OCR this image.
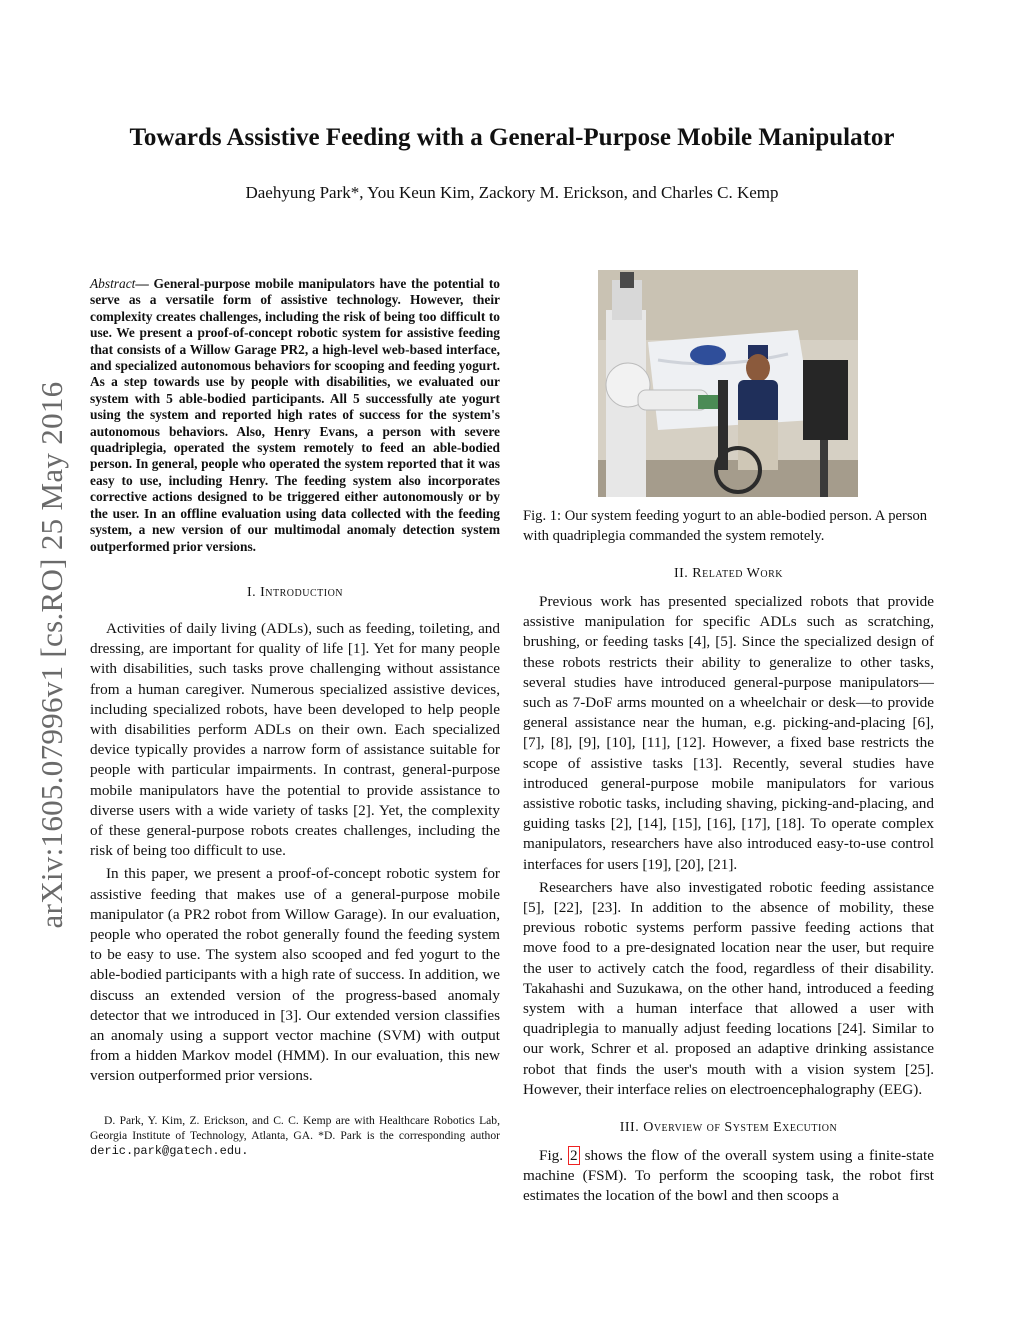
arXiv:1605.07996v1 [cs.RO] 25 May 2016
Towards Assistive Feeding with a General-Purpose Mobile Manipulator
Daehyung Park*, You Keun Kim, Zackory M. Erickson, and Charles C. Kemp

Abstract— General-purpose mobile manipulators have the potential to serve as a versatile form of assistive technology. However, their complexity creates challenges, including the risk of being too difficult to use. We present a proof-of-concept robotic system for assistive feeding that consists of a Willow Garage PR2, a high-level web-based interface, and specialized autonomous behaviors for scooping and feeding yogurt. As a step towards use by people with disabilities, we evaluated our system with 5 able-bodied participants. All 5 successfully ate yogurt using the system and reported high rates of success for the system's autonomous behaviors. Also, Henry Evans, a person with severe quadriplegia, operated the system remotely to feed an able-bodied person. In general, people who operated the system reported that it was easy to use, including Henry. The feeding system also incorporates corrective actions designed to be triggered either autonomously or by the user. In an offline evaluation using data collected with the feeding system, a new version of our multimodal anomaly detection system outperformed prior versions.

I. Introduction

Activities of daily living (ADLs), such as feeding, toileting, and dressing, are important for quality of life [1]. Yet for many people with disabilities, such tasks prove challenging without assistance from a human caregiver. Numerous specialized assistive devices, including specialized robots, have been developed to help people with disabilities perform ADLs on their own. Each specialized device typically provides a narrow form of assistance suitable for people with particular impairments. In contrast, general-purpose mobile manipulators have the potential to provide assistance to diverse users with a wide variety of tasks [2]. Yet, the complexity of these general-purpose robots creates challenges, including the risk of being too difficult to use.

In this paper, we present a proof-of-concept robotic system for assistive feeding that makes use of a general-purpose mobile manipulator (a PR2 robot from Willow Garage). In our evaluation, people who operated the robot generally found the feeding system to be easy to use. The system also scooped and fed yogurt to the able-bodied participants with a high rate of success. In addition, we discuss an extended version of the progress-based anomaly detector that we introduced in [3]. Our extended version classifies an anomaly using a support vector machine (SVM) with output from a hidden Markov model (HMM). In our evaluation, this new version outperformed prior versions.

D. Park, Y. Kim, Z. Erickson, and C. C. Kemp are with Healthcare Robotics Lab, Georgia Institute of Technology, Atlanta, GA. *D. Park is the corresponding author deric.park@gatech.edu.

Fig. 1: Our system feeding yogurt to an able-bodied person. A person with quadriplegia commanded the system remotely.

II. Related Work

Previous work has presented specialized robots that provide assistive manipulation for specific ADLs such as scratching, brushing, or feeding tasks [4], [5]. Since the specialized design of these robots restricts their ability to generalize to other tasks, several studies have introduced general-purpose manipulators—such as 7-DoF arms mounted on a wheelchair or desk—to provide general assistance near the human, e.g. picking-and-placing [6], [7], [8], [9], [10], [11], [12]. However, a fixed base restricts the scope of assistive tasks [13]. Recently, several studies have introduced general-purpose mobile manipulators for various assistive robotic tasks, including shaving, picking-and-placing, and guiding tasks [2], [14], [15], [16], [17], [18]. To operate complex manipulators, researchers have also introduced easy-to-use control interfaces for users [19], [20], [21].

Researchers have also investigated robotic feeding assistance [5], [22], [23]. In addition to the absence of mobility, these previous robotic systems perform passive feeding actions that move food to a pre-designated location near the user, but require the user to actively catch the food, regardless of their disability. Takahashi and Suzukawa, on the other hand, introduced a feeding system with a human interface that allowed a user with quadriplegia to manually adjust feeding locations [24]. Similar to our work, Schrer et al. proposed an adaptive drinking assistance robot that finds the user's mouth with a vision system [25]. However, their interface relies on electroencephalography (EEG).

III. Overview of System Execution

Fig. 2 shows the flow of the overall system using a finite-state machine (FSM). To perform the scooping task, the robot first estimates the location of the bowl and then scoops a
